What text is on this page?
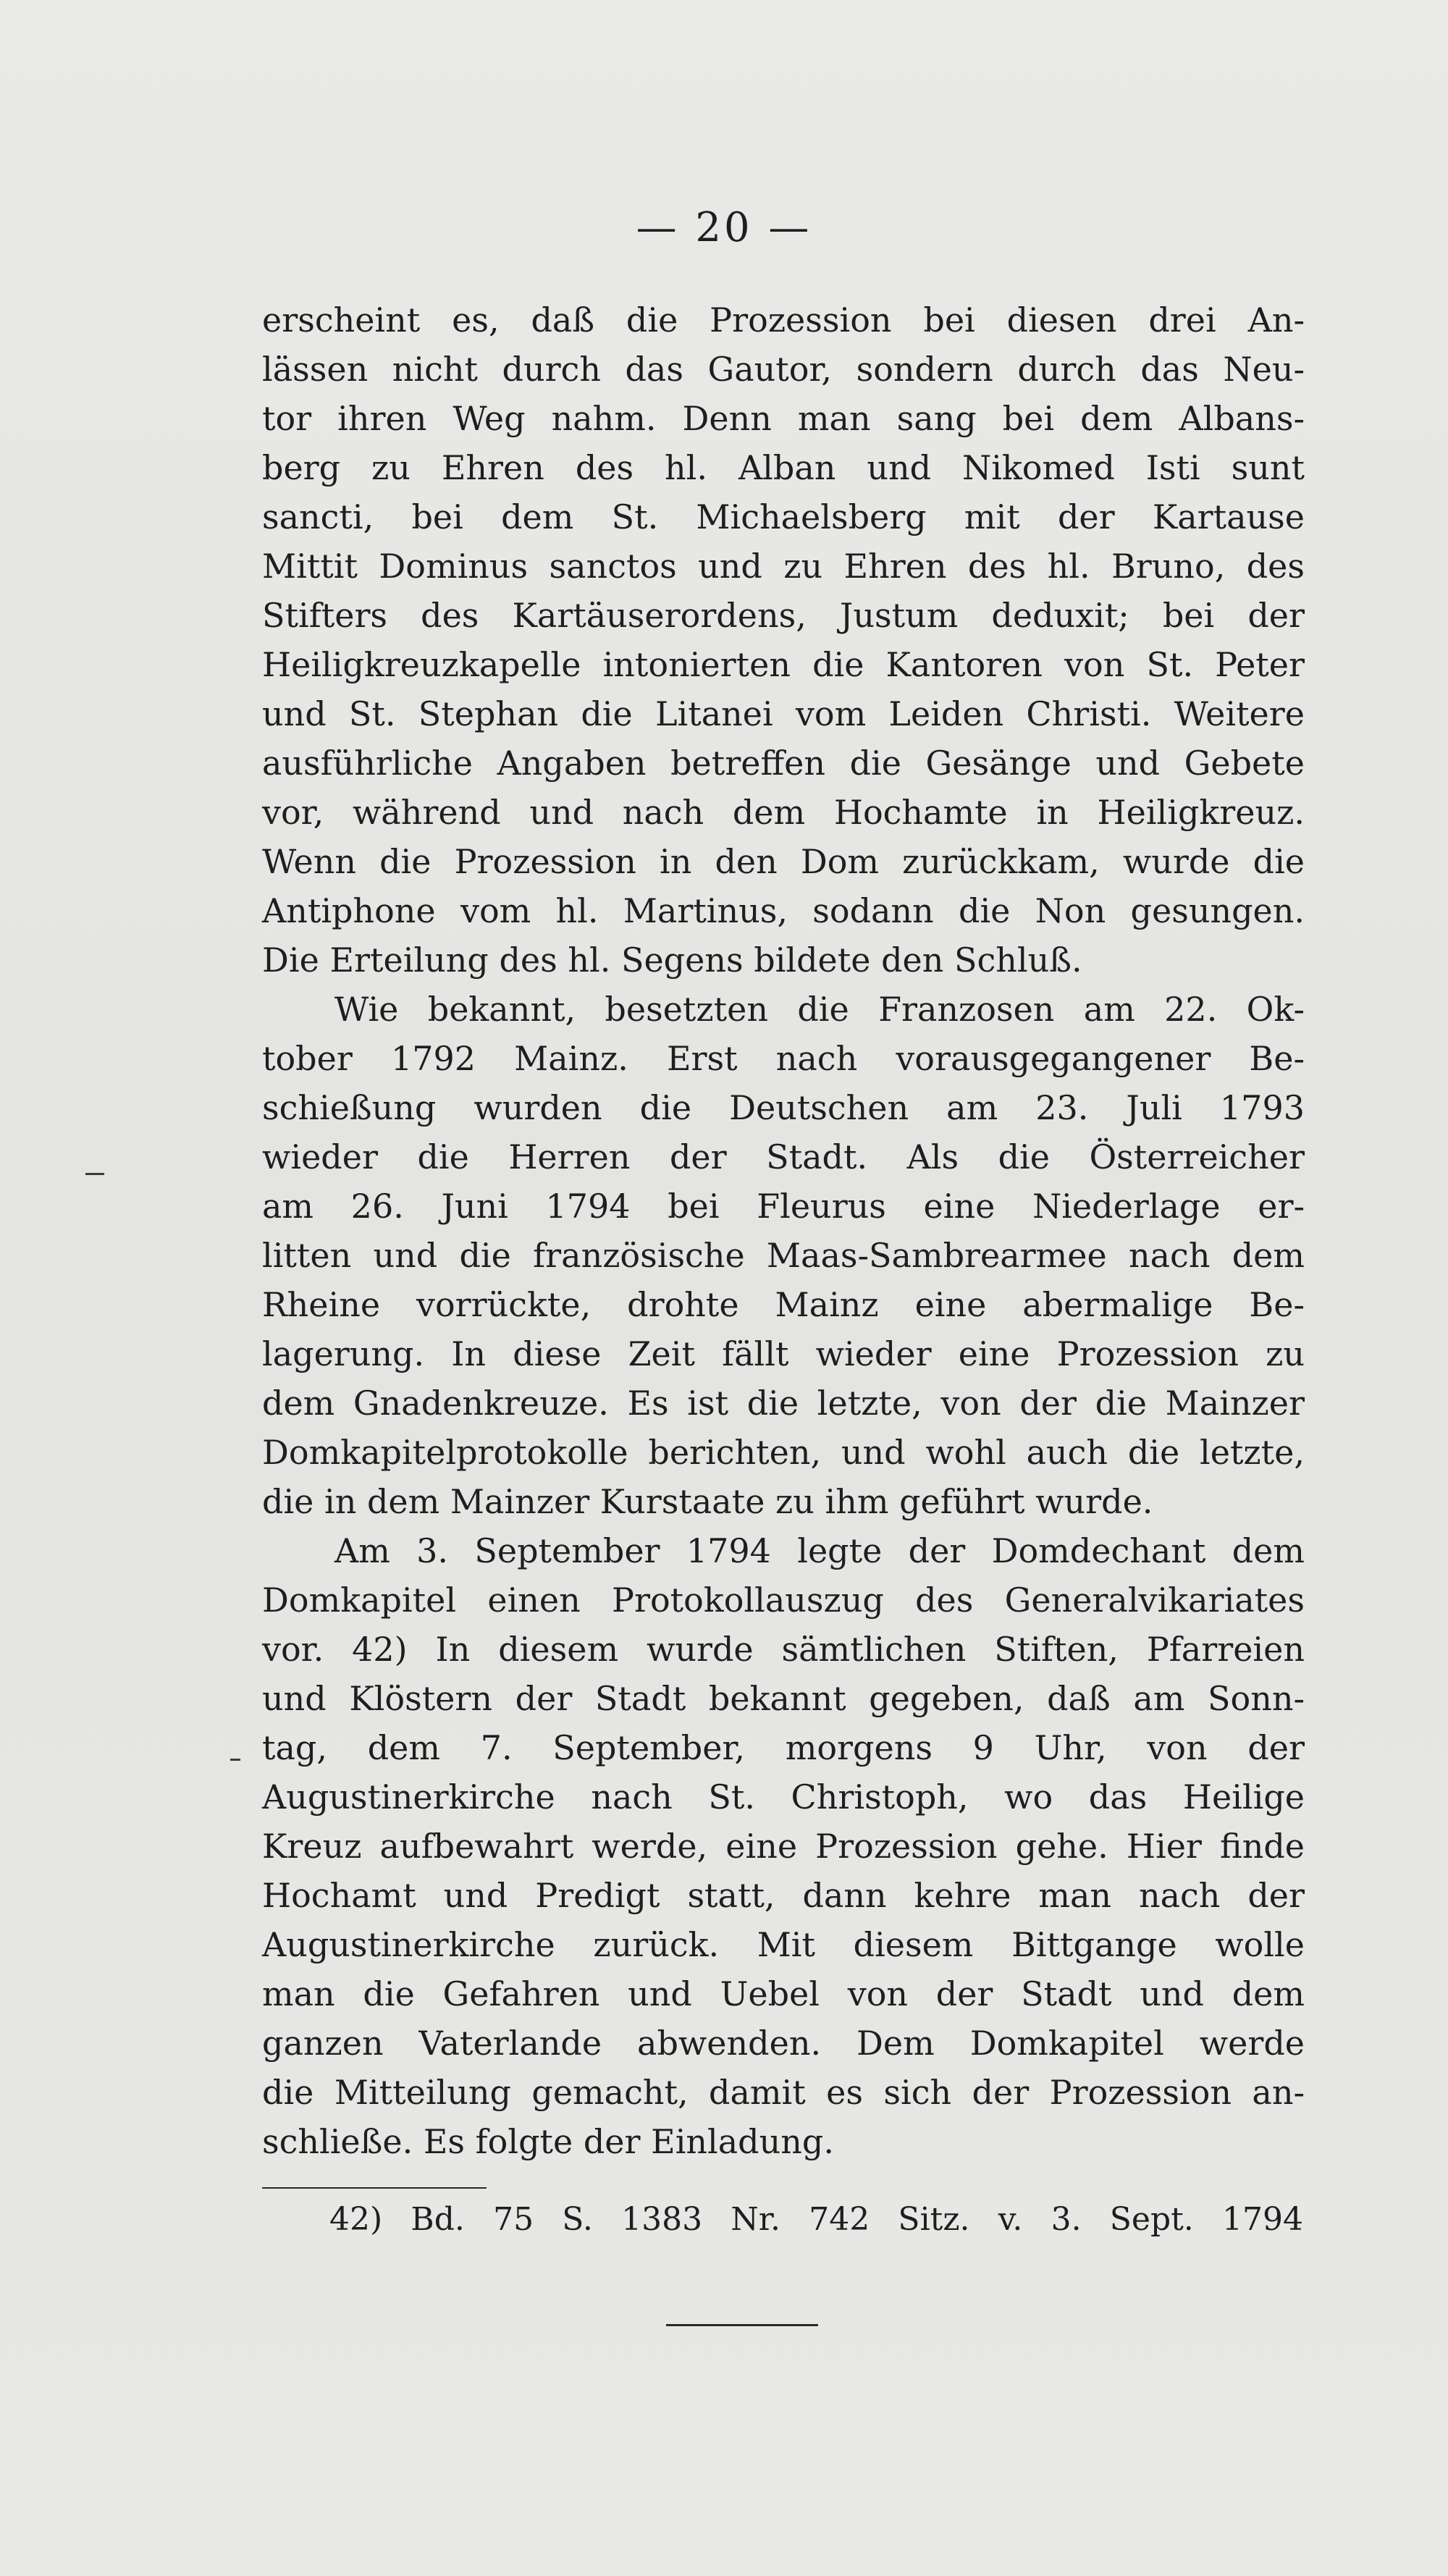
— 20 —
erscheint es, daß die Prozession bei diesen drei An-
lässen nicht durch das Gautor, sondern durch das Neu-
tor ihren Weg nahm. Denn man sang bei dem Albans-
berg zu Ehren des hl. Alban und Nikomed Isti sunt
sancti, bei dem St. Michaelsberg mit der Kartause
Mittit Dominus sanctos und zu Ehren des hl. Bruno, des
Stifters des Kartäuserordens, Justum deduxit; bei der
Heiligkreuzkapelle intonierten die Kantoren von St. Peter
und St. Stephan die Litanei vom Leiden Christi. Weitere
ausführliche Angaben betreffen die Gesänge und Gebete
vor, während und nach dem Hochamte in Heiligkreuz.
Wenn die Prozession in den Dom zurückkam, wurde die
Antiphone vom hl. Martinus, sodann die Non gesungen.
Die Erteilung des hl. Segens bildete den Schluß.
Wie bekannt, besetzten die Franzosen am 22. Ok-
tober 1792 Mainz. Erst nach vorausgegangener Be-
schießung wurden die Deutschen am 23. Juli 1793
wieder die Herren der Stadt. Als die Österreicher
am 26. Juni 1794 bei Fleurus eine Niederlage er-
litten und die französische Maas-Sambrearmee nach dem
Rheine vorrückte, drohte Mainz eine abermalige Be-
lagerung. In diese Zeit fällt wieder eine Prozession zu
dem Gnadenkreuze. Es ist die letzte, von der die Mainzer
Domkapitelprotokolle berichten, und wohl auch die letzte,
die in dem Mainzer Kurstaate zu ihm geführt wurde.
Am 3. September 1794 legte der Domdechant dem
Domkapitel einen Protokollauszug des Generalvikariates
vor. 42) In diesem wurde sämtlichen Stiften, Pfarreien
und Klöstern der Stadt bekannt gegeben, daß am Sonn-
tag, dem 7. September, morgens 9 Uhr, von der
Augustinerkirche nach St. Christoph, wo das Heilige
Kreuz aufbewahrt werde, eine Prozession gehe. Hier finde
Hochamt und Predigt statt, dann kehre man nach der
Augustinerkirche zurück. Mit diesem Bittgange wolle
man die Gefahren und Uebel von der Stadt und dem
ganzen Vaterlande abwenden. Dem Domkapitel werde
die Mitteilung gemacht, damit es sich der Prozession an-
schließe. Es folgte der Einladung.
42) Bd. 75 S. 1383 Nr. 742 Sitz. v. 3. Sept. 1794
